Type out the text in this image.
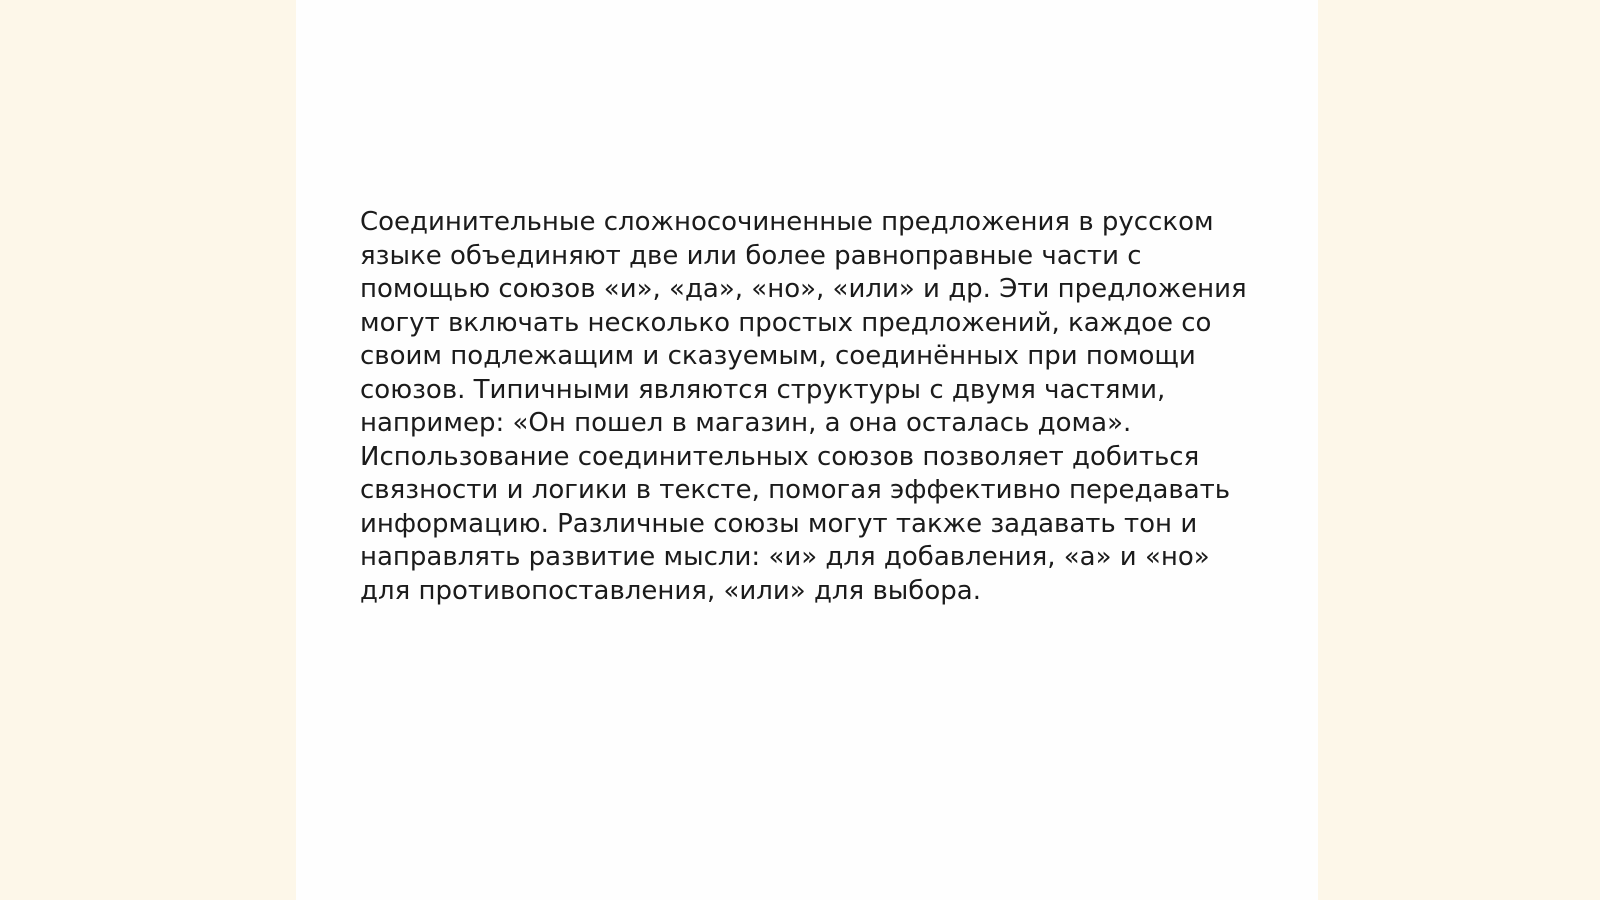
Соединительные сложносочиненные предложения в русском
языке объединяют две или более равноправные части с
помощью союзов «и», «да», «но», «или» и др. Эти предложения
могут включать несколько простых предложений, каждое со
своим подлежащим и сказуемым, соединённых при помощи
союзов. Типичными являются структуры с двумя частями,
например: «Он пошел в магазин, а она осталась дома».
Использование соединительных союзов позволяет добиться
связности и логики в тексте, помогая эффективно передавать
информацию. Различные союзы могут также задавать тон и
направлять развитие мысли: «и» для добавления, «а» и «но»
для противопоставления, «или» для выбора.
